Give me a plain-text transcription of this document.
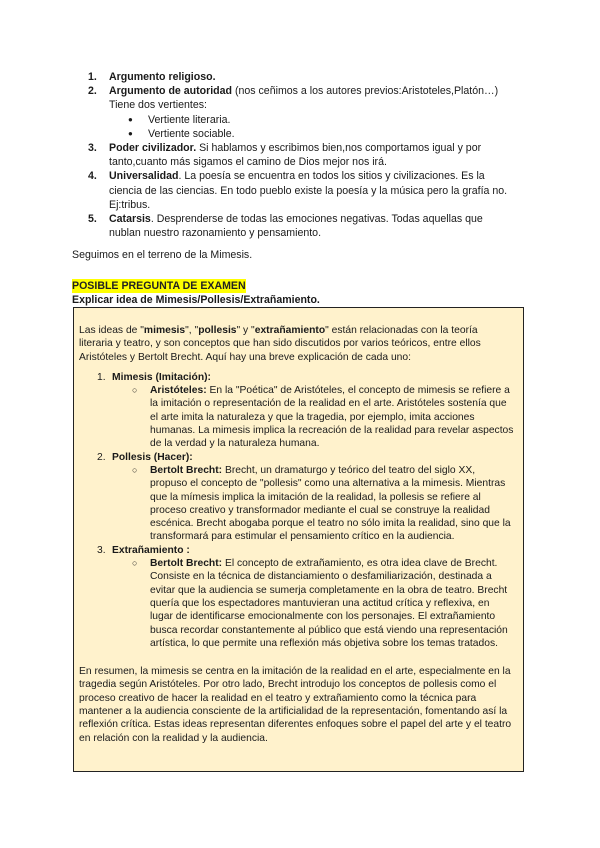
1. Argumento religioso.
2. Argumento de autoridad (nos ceñimos a los autores previos:Aristoteles,Platón…) Tiene dos vertientes:
● Vertiente literaria.
● Vertiente sociable.
3. Poder civilizador. Si hablamos y escribimos bien,nos comportamos igual y por tanto,cuanto más sigamos el camino de Dios mejor nos irá.
4. Universalidad. La poesía se encuentra en todos los sitios y civilizaciones. Es la ciencia de las ciencias. En todo pueblo existe la poesía y la música pero la grafía no. Ej:tribus.
5. Catarsis. Desprenderse de todas las emociones negativas. Todas aquellas que nublan nuestro razonamiento y pensamiento.
Seguimos en el terreno de la Mimesis.
POSIBLE PREGUNTA DE EXAMEN
Explicar idea de Mimesis/Pollesis/Extrañamiento.

Las ideas de "mimesis", "pollesis" y "extrañamiento" están relacionadas con la teoría literaria y teatro, y son conceptos que han sido discutidos por varios teóricos, entre ellos Aristóteles y Bertolt Brecht. Aquí hay una breve explicación de cada uno:

1. Mimesis (Imitación):
○ Aristóteles: En la "Poética" de Aristóteles, el concepto de mimesis se refiere a la imitación o representación de la realidad en el arte. Aristóteles sostenía que el arte imita la naturaleza y que la tragedia, por ejemplo, imita acciones humanas. La mimesis implica la recreación de la realidad para revelar aspectos de la verdad y la naturaleza humana.
2. Pollesis (Hacer):
○ Bertolt Brecht: Brecht, un dramaturgo y teórico del teatro del siglo XX, propuso el concepto de "pollesis" como una alternativa a la mimesis. Mientras que la mímesis implica la imitación de la realidad, la pollesis se refiere al proceso creativo y transformador mediante el cual se construye la realidad escénica. Brecht abogaba porque el teatro no sólo imita la realidad, sino que la transformará para estimular el pensamiento crítico en la audiencia.
3. Extrañamiento :
○ Bertolt Brecht: El concepto de extrañamiento, es otra idea clave de Brecht. Consiste en la técnica de distanciamiento o desfamiliarización, destinada a evitar que la audiencia se sumerja completamente en la obra de teatro. Brecht quería que los espectadores mantuvieran una actitud crítica y reflexiva, en lugar de identificarse emocionalmente con los personajes. El extrañamiento busca recordar constantemente al público que está viendo una representación artística, lo que permite una reflexión más objetiva sobre los temas tratados.

En resumen, la mimesis se centra en la imitación de la realidad en el arte, especialmente en la tragedia según Aristóteles. Por otro lado, Brecht introdujo los conceptos de pollesis como el proceso creativo de hacer la realidad en el teatro y extrañamiento como la técnica para mantener a la audiencia consciente de la artificialidad de la representación, fomentando así la reflexión crítica. Estas ideas representan diferentes enfoques sobre el papel del arte y el teatro en relación con la realidad y la audiencia.
